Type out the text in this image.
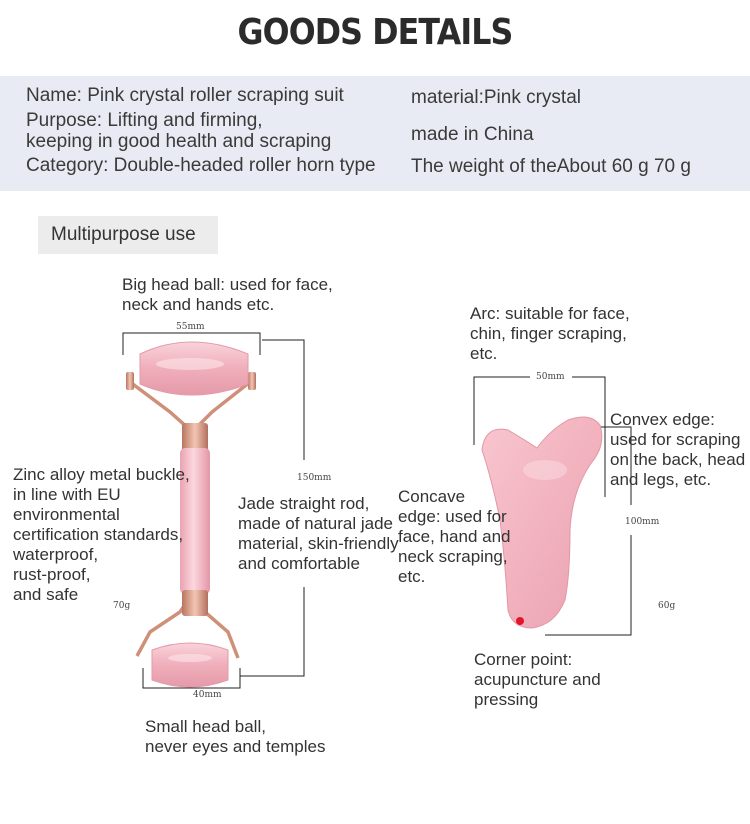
GOODS DETAILS
Name: Pink crystal roller scraping suit
Purpose: Lifting and firming,
keeping in good health and scraping
Category: Double-headed roller horn type
material:Pink crystal
made in China
The weight of theAbout 60 g 70 g
Multipurpose use
Big head ball: used for face,
neck and hands etc.
55mm
150mm
Zinc alloy metal buckle,
in line with EU
environmental
certification standards,
waterproof,
rust-proof,
and safe
70g
Jade straight rod,
made of natural jade
material, skin-friendly
and comfortable
40mm
Small head ball,
never eyes and temples
Arc: suitable for face,
chin, finger scraping,
etc.
50mm
Convex edge:
used for scraping
on the back, head
and legs, etc.
Concave
edge: used for
face, hand and
neck scraping,
etc.
100mm
60g
Corner point:
acupuncture and
pressing
